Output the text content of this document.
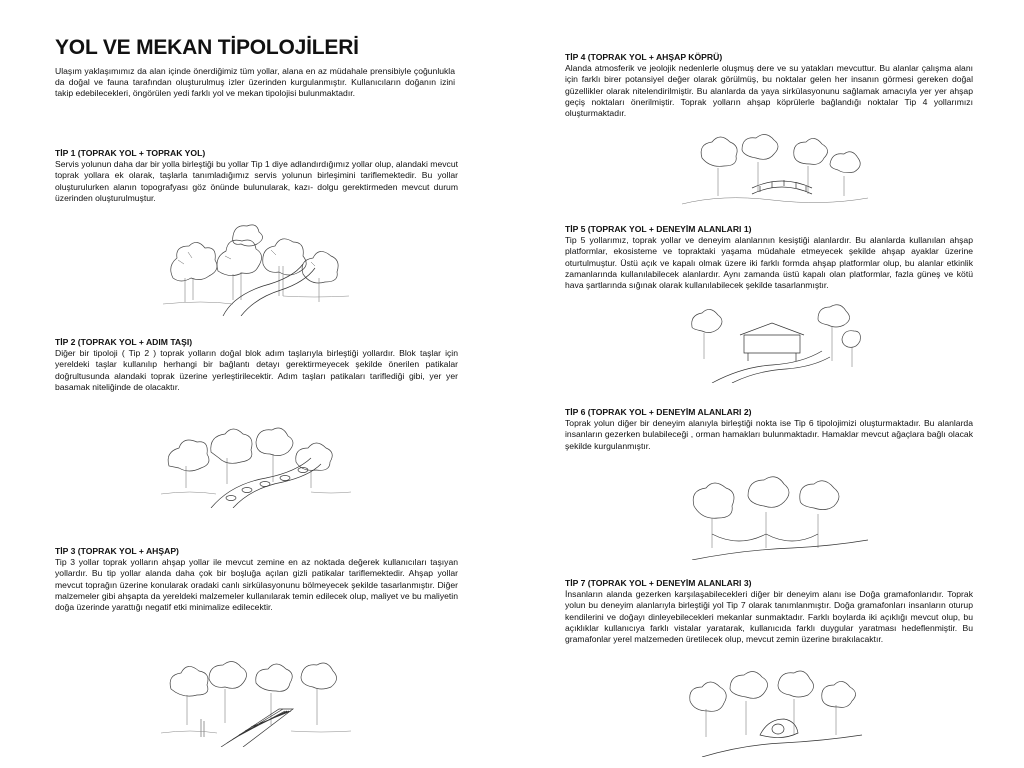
YOL VE MEKAN TİPOLOJİLERİ

Ulaşım yaklaşımımız da alan içinde önerdiğimiz tüm yollar, alana en az müdahale prensibiyle çoğunlukla da doğal ve fauna tarafından oluşturulmuş izler üzerinden kurgulanmıştır. Kullanıcıların doğanın izini takip edebilecekleri, öngörülen yedi farklı yol ve mekan tipolojisi bulunmaktadır.

TİP 1 (TOPRAK YOL + TOPRAK YOL)

Servis yolunun daha dar bir yolla birleştiği bu yollar Tip 1 diye adlandırdığımız yollar olup, alandaki mevcut toprak yollara ek olarak, taşlarla tanımladığımız servis yolunun birleşimini tariflemektedir. Bu yollar oluşturulurken alanın topografyası göz önünde bulunularak, kazı- dolgu gerektirmeden mevcut durum üzerinden oluşturulmuştur.

TİP 2 (TOPRAK YOL + ADIM TAŞI)

Diğer bir tipoloji ( Tip 2 ) toprak yolların doğal blok adım taşlarıyla birleştiği yollardır. Blok taşlar için yereldeki taşlar kullanılıp herhangi bir bağlantı detayı gerektirmeyecek şekilde önerilen patikalar doğrultusunda alandaki toprak üzerine yerleştirilecektir. Adım taşları patikaları tariflediği gibi, yer yer basamak niteliğinde de olacaktır.

TİP 3 (TOPRAK YOL + AHŞAP)

Tip 3 yollar toprak yolların ahşap yollar ile mevcut zemine en az noktada değerek kullanıcıları taşıyan yollardır. Bu tip yollar alanda daha çok bir boşluğa açılan gizli patikalar tariflemektedir. Ahşap yollar mevcut toprağın üzerine konularak oradaki canlı sirkülasyonunu bölmeyecek şekilde tasarlanmıştır. Diğer malzemeler gibi ahşapta da yereldeki malzemeler kullanılarak temin edilecek olup, maliyet ve bu maliyetin doğa üzerinde yarattığı negatif etki minimalize edilecektir.

TİP 4 (TOPRAK YOL + AHŞAP KÖPRÜ)

Alanda atmosferik ve jeolojik nedenlerle oluşmuş dere ve su yatakları mevcuttur. Bu alanlar çalışma alanı için farklı birer potansiyel değer olarak görülmüş, bu noktalar gelen her insanın görmesi gereken doğal güzellikler olarak nitelendirilmiştir. Bu alanlarda da yaya sirkülasyonunu sağlamak amacıyla yer yer ahşap geçiş noktaları önerilmiştir. Toprak yolların ahşap köprülerle bağlandığı noktalar Tip 4 yollarımızı oluşturmaktadır.

TİP 5 (TOPRAK YOL + DENEYİM ALANLARI 1)

Tip 5 yollarımız, toprak yollar ve deneyim alanlarının kesiştiği alanlardır. Bu alanlarda kullanılan ahşap platformlar, ekosisteme ve topraktaki yaşama müdahale etmeyecek şekilde ahşap ayaklar üzerine oturtulmuştur. Üstü açık ve kapalı olmak üzere iki farklı formda ahşap platformlar olup, bu alanlar etkinlik zamanlarında kullanılabilecek alanlardır. Aynı zamanda üstü kapalı olan platformlar, fazla güneş ve kötü hava şartlarında sığınak olarak kullanılabilecek şekilde tasarlanmıştır.

TİP 6 (TOPRAK YOL + DENEYİM ALANLARI 2)

Toprak yolun diğer bir deneyim alanıyla birleştiği nokta ise Tip 6 tipolojimizi oluşturmaktadır. Bu alanlarda insanların gezerken bulabileceği , orman hamakları bulunmaktadır. Hamaklar mevcut ağaçlara bağlı olacak şekilde kurgulanmıştır.

TİP 7 (TOPRAK YOL + DENEYİM ALANLARI 3)

İnsanların alanda gezerken karşılaşabilecekleri diğer bir deneyim alanı ise Doğa gramafonlarıdır. Toprak yolun bu deneyim alanlarıyla birleştiği yol Tip 7 olarak tanımlanmıştır. Doğa gramafonları insanların oturup kendilerini ve doğayı dinleyebilecekleri mekanlar sunmaktadır. Farklı boylarda iki açıklığı mevcut olup, bu açıklıklar kullanıcıya farklı vistalar yaratarak, kullanıcıda farklı duygular yaratması hedeflenmiştir. Bu gramafonlar yerel malzemeden üretilecek olup, mevcut zemin üzerine bırakılacaktır.
